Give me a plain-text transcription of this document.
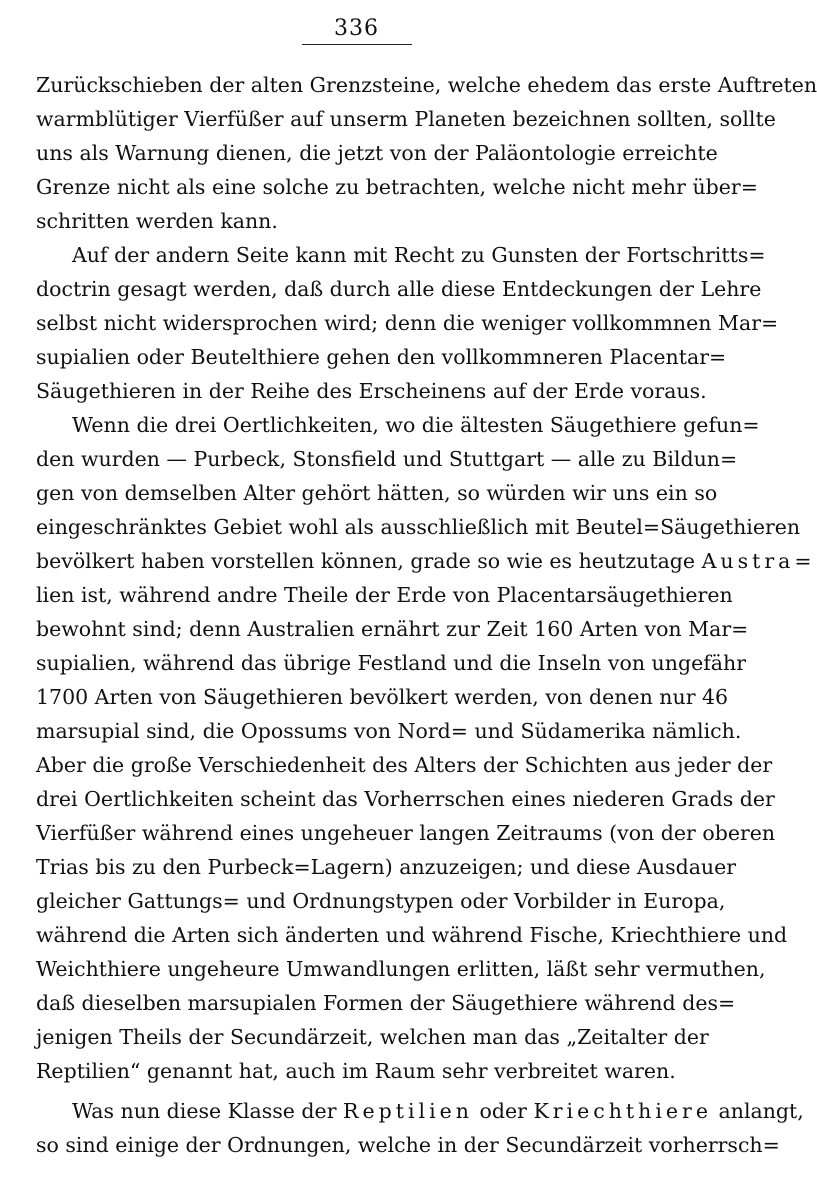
336
Zurückschieben der alten Grenzsteine, welche ehedem das erste Auftreten
warmblütiger Vierfüßer auf unserm Planeten bezeichnen sollten, sollte
uns als Warnung dienen, die jetzt von der Paläontologie erreichte
Grenze nicht als eine solche zu betrachten, welche nicht mehr über=
schritten werden kann.
Auf der andern Seite kann mit Recht zu Gunsten der Fortschritts=
doctrin gesagt werden, daß durch alle diese Entdeckungen der Lehre
selbst nicht widersprochen wird; denn die weniger vollkommnen Mar=
supialien oder Beutelthiere gehen den vollkommneren Placentar=
Säugethieren in der Reihe des Erscheinens auf der Erde voraus.
Wenn die drei Oertlichkeiten, wo die ältesten Säugethiere gefun=
den wurden — Purbeck, Stonsfield und Stuttgart — alle zu Bildun=
gen von demselben Alter gehört hätten, so würden wir uns ein so
eingeschränktes Gebiet wohl als ausschließlich mit Beutel=Säugethieren
bevölkert haben vorstellen können, grade so wie es heutzutage Austra=
lien ist, während andre Theile der Erde von Placentarsäugethieren
bewohnt sind; denn Australien ernährt zur Zeit 160 Arten von Mar=
supialien, während das übrige Festland und die Inseln von ungefähr
1700 Arten von Säugethieren bevölkert werden, von denen nur 46
marsupial sind, die Opossums von Nord= und Südamerika nämlich.
Aber die große Verschiedenheit des Alters der Schichten aus jeder der
drei Oertlichkeiten scheint das Vorherrschen eines niederen Grads der
Vierfüßer während eines ungeheuer langen Zeitraums (von der oberen
Trias bis zu den Purbeck=Lagern) anzuzeigen; und diese Ausdauer
gleicher Gattungs= und Ordnungstypen oder Vorbilder in Europa,
während die Arten sich änderten und während Fische, Kriechthiere und
Weichthiere ungeheure Umwandlungen erlitten, läßt sehr vermuthen,
daß dieselben marsupialen Formen der Säugethiere während des=
jenigen Theils der Secundärzeit, welchen man das „Zeitalter der
Reptilien“ genannt hat, auch im Raum sehr verbreitet waren.
Was nun diese Klasse der Reptilien oder Kriechthiere anlangt,
so sind einige der Ordnungen, welche in der Secundärzeit vorherrsch=
